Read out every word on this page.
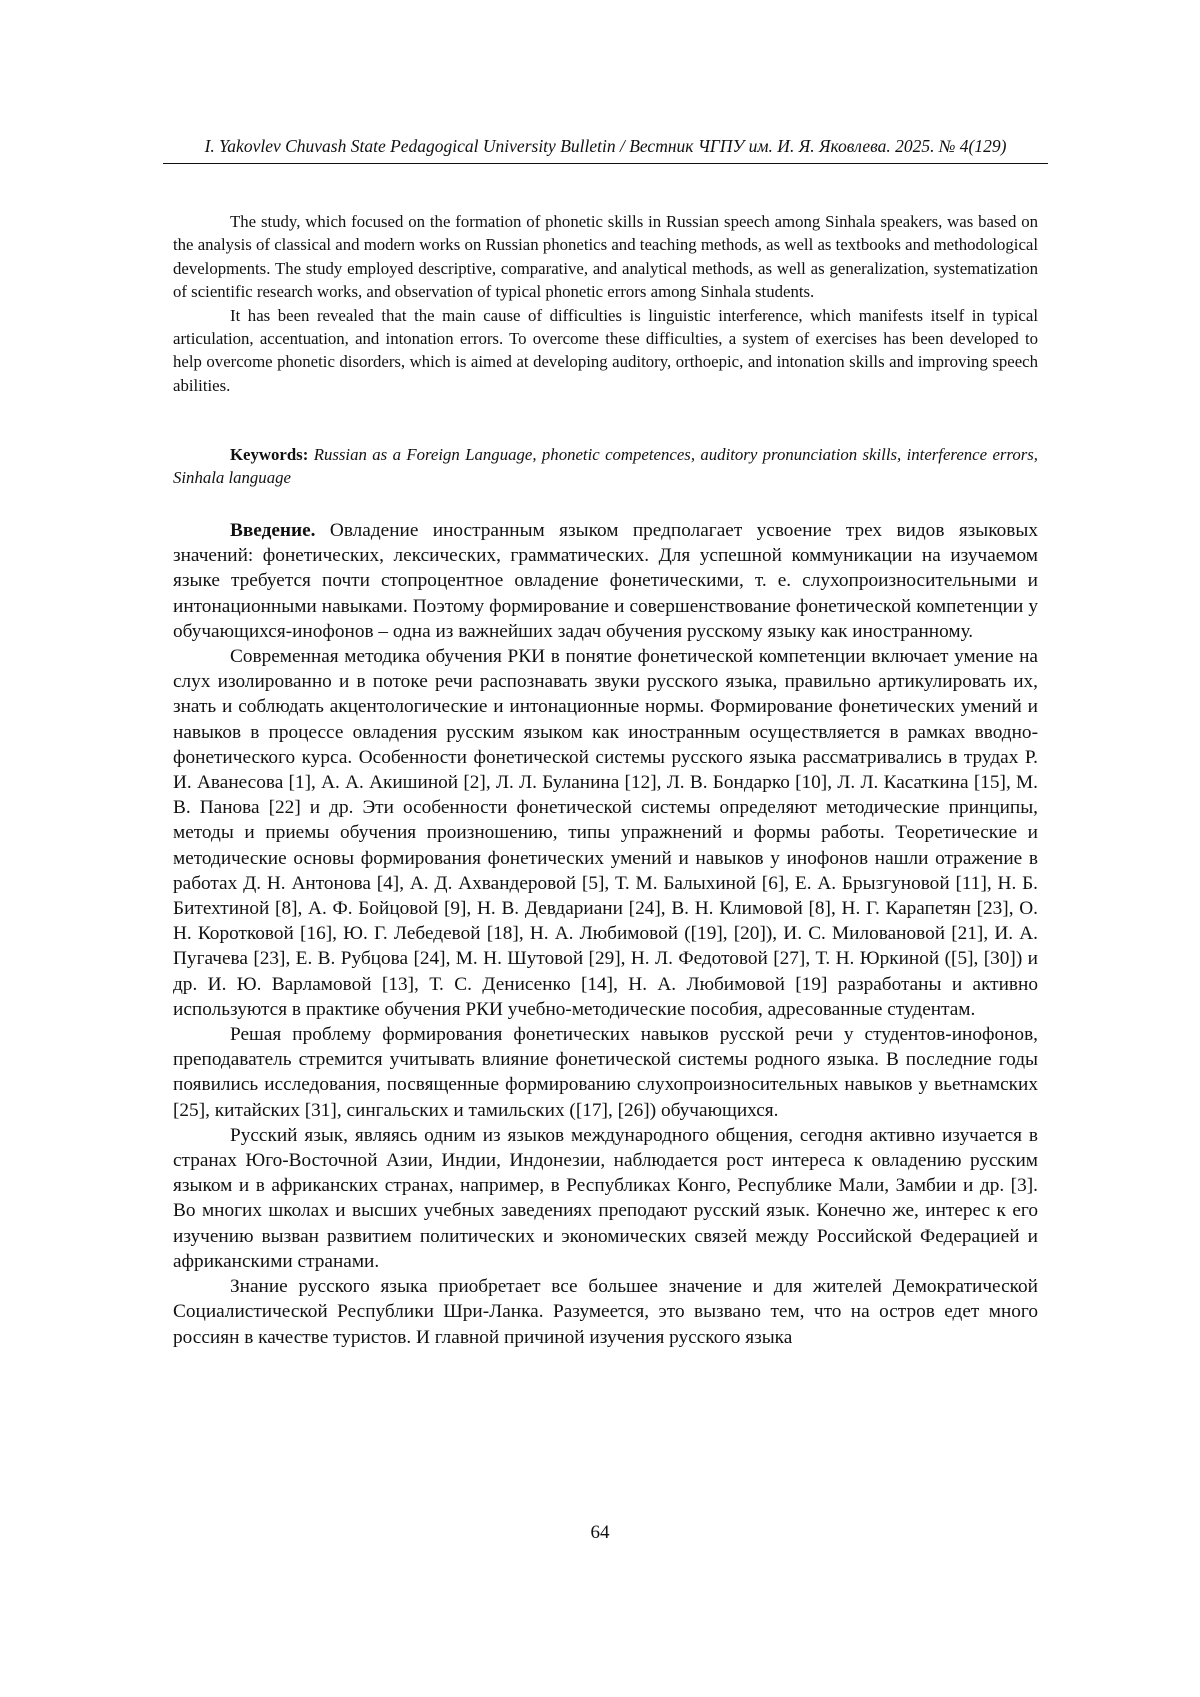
I. Yakovlev Chuvash State Pedagogical University Bulletin / Вестник ЧГПУ им. И. Я. Яковлева. 2025. № 4(129)

The study, which focused on the formation of phonetic skills in Russian speech among Sinhala speakers, was based on the analysis of classical and modern works on Russian phonetics and teaching methods, as well as textbooks and methodological developments. The study employed descriptive, comparative, and analytical methods, as well as generalization, systematization of scientific research works, and observation of typical phonetic errors among Sinhala students.

It has been revealed that the main cause of difficulties is linguistic interference, which manifests itself in typical articulation, accentuation, and intonation errors. To overcome these difficulties, a system of exercises has been developed to help overcome phonetic disorders, which is aimed at developing auditory, orthoepic, and intonation skills and improving speech abilities.

Keywords: Russian as a Foreign Language, phonetic competences, auditory pronunciation skills, interference errors, Sinhala language

Введение. Овладение иностранным языком предполагает усвоение трех видов языковых значений: фонетических, лексических, грамматических. Для успешной коммуникации на изучаемом языке требуется почти стопроцентное овладение фонетическими, т. е. слухопроизносительными и интонационными навыками. Поэтому формирование и совершенствование фонетической компетенции у обучающихся-инофонов – одна из важнейших задач обучения русскому языку как иностранному.

Современная методика обучения РКИ в понятие фонетической компетенции включает умение на слух изолированно и в потоке речи распознавать звуки русского языка, правильно артикулировать их, знать и соблюдать акцентологические и интонационные нормы. Формирование фонетических умений и навыков в процессе овладения русским языком как иностранным осуществляется в рамках вводно-фонетического курса. Особенности фонетической системы русского языка рассматривались в трудах Р. И. Аванесова [1], А. А. Акишиной [2], Л. Л. Буланина [12], Л. В. Бондарко [10], Л. Л. Касаткина [15], М. В. Панова [22] и др. Эти особенности фонетической системы определяют методические принципы, методы и приемы обучения произношению, типы упражнений и формы работы. Теоретические и методические основы формирования фонетических умений и навыков у инофонов нашли отражение в работах Д. Н. Антонова [4], А. Д. Ахвандеровой [5], Т. М. Балыхиной [6], Е. А. Брызгуновой [11], Н. Б. Битехтиной [8], А. Ф. Бойцовой [9], Н. В. Девдариани [24], В. Н. Климовой [8], Н. Г. Карапетян [23], О. Н. Коротковой [16], Ю. Г. Лебедевой [18], Н. А. Любимовой ([19], [20]), И. С. Миловановой [21], И. А. Пугачева [23], Е. В. Рубцова [24], М. Н. Шутовой [29], Н. Л. Федотовой [27], Т. Н. Юркиной ([5], [30]) и др. И. Ю. Варламовой [13], Т. С. Денисенко [14], Н. А. Любимовой [19] разработаны и активно используются в практике обучения РКИ учебно-методические пособия, адресованные студентам.

Решая проблему формирования фонетических навыков русской речи у студентов-инофонов, преподаватель стремится учитывать влияние фонетической системы родного языка. В последние годы появились исследования, посвященные формированию слухопроизносительных навыков у вьетнамских [25], китайских [31], сингальских и тамильских ([17], [26]) обучающихся.

Русский язык, являясь одним из языков международного общения, сегодня активно изучается в странах Юго-Восточной Азии, Индии, Индонезии, наблюдается рост интереса к овладению русским языком и в африканских странах, например, в Республиках Конго, Республике Мали, Замбии и др. [3]. Во многих школах и высших учебных заведениях преподают русский язык. Конечно же, интерес к его изучению вызван развитием политических и экономических связей между Российской Федерацией и африканскими странами.

Знание русского языка приобретает все большее значение и для жителей Демократической Социалистической Республики Шри-Ланка. Разумеется, это вызвано тем, что на остров едет много россиян в качестве туристов. И главной причиной изучения русского языка

64
